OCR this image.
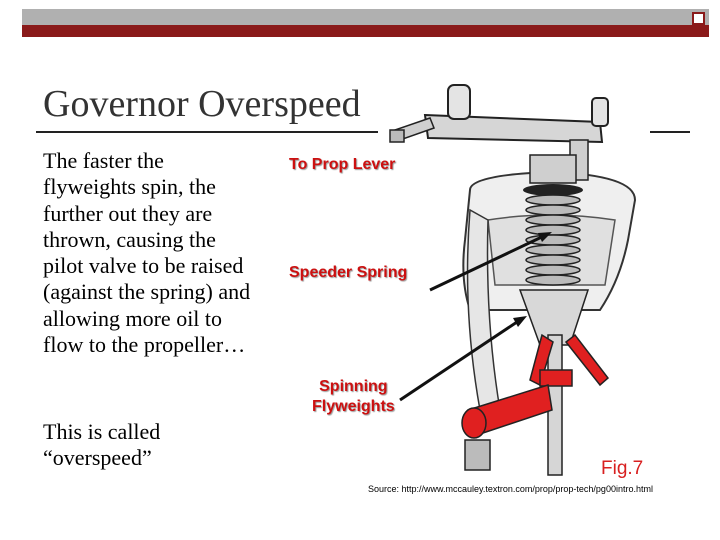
Governor Overspeed
The faster the flyweights spin, the further out they are thrown, causing the pilot valve to be raised (against the spring) and allowing more oil to flow to the propeller…
This is called “overspeed”
To Prop Lever
Speeder Spring
Spinning
Flyweights
Fig.7
Source: http://www.mccauley.textron.com/prop/prop-tech/pg00intro.html
